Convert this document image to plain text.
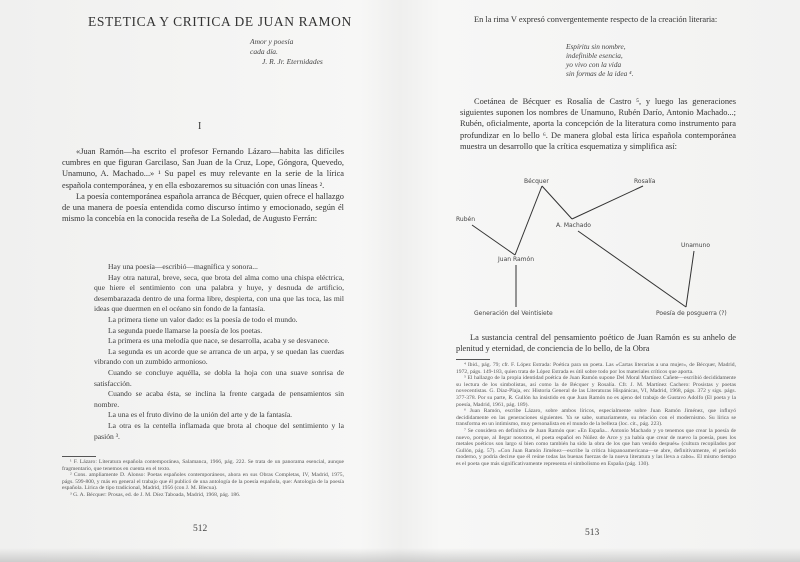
ESTETICA Y CRITICA DE JUAN RAMON
Amor y poesía
cada día.
J. R. Jr. Eternidades
I

«Juan Ramón—ha escrito el profesor Fernando Lázaro—habita las difíciles cumbres en que figuran Garcilaso, San Juan de la Cruz, Lope, Góngora, Quevedo, Unamuno, A. Machado...» ¹ Su papel es muy relevante en la serie de la lírica española contemporánea, y en ella esbozaremos su situación con unas líneas ².

La poesía contemporánea española arranca de Bécquer, quien ofrece el hallazgo de una manera de poesía entendida como discurso íntimo y emocionado, según él mismo la concebía en la conocida reseña de La Soledad, de Augusto Ferrán:

Hay una poesía—escribió—magnífica y sonora...

Hay otra natural, breve, seca, que brota del alma como una chispa eléctrica, que hiere el sentimiento con una palabra y huye, y desnuda de artificio, desembarazada dentro de una forma libre, despierta, con una que las toca, las mil ideas que duermen en el océano sin fondo de la fantasía.

La primera tiene un valor dado: es la poesía de todo el mundo.

La segunda puede llamarse la poesía de los poetas.

La primera es una melodía que nace, se desarrolla, acaba y se desvanece.

La segunda es un acorde que se arranca de un arpa, y se quedan las cuerdas vibrando con un zumbido armonioso.

Cuando se concluye aquélla, se dobla la hoja con una suave sonrisa de satisfacción.

Cuando se acaba ésta, se inclina la frente cargada de pensamientos sin nombre.

La una es el fruto divino de la unión del arte y de la fantasía.

La otra es la centella inflamada que brota al choque del sentimiento y la pasión ³.

¹ F. Lázaro: Literatura española contemporánea, Salamanca, 1966, pág. 222. Se trata de un panorama esencial, aunque fragmentario, que tenemos en cuenta en el texto.

² Cons. ampliamente D. Alonso: Poetas españoles contemporáneos, ahora en sus Obras Completas, IV, Madrid, 1975, págs. 599-800, y más en general el trabajo que él publicó de una antología de la poesía española, que: Antología de la poesía española. Lírica de tipo tradicional, Madrid, 1956 (con J. M. Blecua).

³ G. A. Bécquer: Prosas, ed. de J. M. Díez Taboada, Madrid, 1968, pág. 186.

512

En la rima V expresó convergentemente respecto de la creación literaria:

Espíritu sin nombre,
indefinible esencia,
yo vivo con la vida
sin formas de la idea ⁴.

Coetánea de Bécquer es Rosalía de Castro ⁵, y luego las generaciones siguientes suponen los nombres de Unamuno, Rubén Darío, Antonio Machado...; Rubén, oficialmente, aporta la concepción de la literatura como instrumento para profundizar en lo bello ⁶. De manera global esta lírica española contemporánea muestra un desarrollo que la crítica esquematiza y simplifica así:

Bécquer	Rosalía
Rubén
A. Machado
Unamuno
Juan Ramón
Generación del Veintisiete	Poesía de posguerra (?)

La sustancia central del pensamiento poético de Juan Ramón es su anhelo de plenitud y eternidad, de conciencia de lo bello, de la Obra

⁴ Ibid., pág. 79; cfr. F. López Estrada: Poética para un poeta. Las «Cartas literarias a una mujer», de Bécquer, Madrid, 1972, págs. 149-183, quien trata de López Estrada es útil sobre todo por los materiales críticos que aporta.

⁵ El hallazgo de la propia identidad poética de Juan Ramón supone Del Moral Martínez Cañete—escribió decididamente su lectura de los simbolistas, así como la de Bécquer y Rosalía. Cfr. J. M. Martínez Cachero: Prosistas y poetas novecentistas. G. Díaz-Plaja, en: Historia General de las Literaturas Hispánicas, VI, Madrid, 1968, págs. 372 y sigs. págs. 377-378. Por su parte, R. Gullón ha insistido en que Juan Ramón no es ajeno del trabajo de Gustavo Adolfo (El poeta y la poesía, Madrid, 1961, pág. 189).

⁶ Juan Ramón, escribe Lázaro, sobre ambos líricos, especialmente sobre Juan Ramón Jiménez, que influyó decididamente en las generaciones siguientes. Ya se sabe, sumariamente, su relación con el modernismo. Su lírica se transforma en un intimismo, muy personalista en el mundo de la belleza (loc. cit., pág. 223).

⁷ Se considera en definitiva de Juan Ramón que: «En España... Antonio Machado y yo tenemos que crear la poesía de nuevo, porque, al llegar nosotros, el poeta español en Núñez de Arce y ya había que crear de nuevo la poesía, pues los metales poéticos son largo sí bien como también ha sido la obra de los que han venido después» (cultura recopilados por Gullón, pág. 57). «Con Juan Ramón Jiménez—escribe la crítica hispanoamericana—se abre, definitivamente, el período moderno, y podría decirse que él reúne todas las buenas fuerzas de la nueva literatura y las lleva a cabo». El mismo tiempo es el poeta que más significativamente representa el simbolismo en España (pág. 130).

513
